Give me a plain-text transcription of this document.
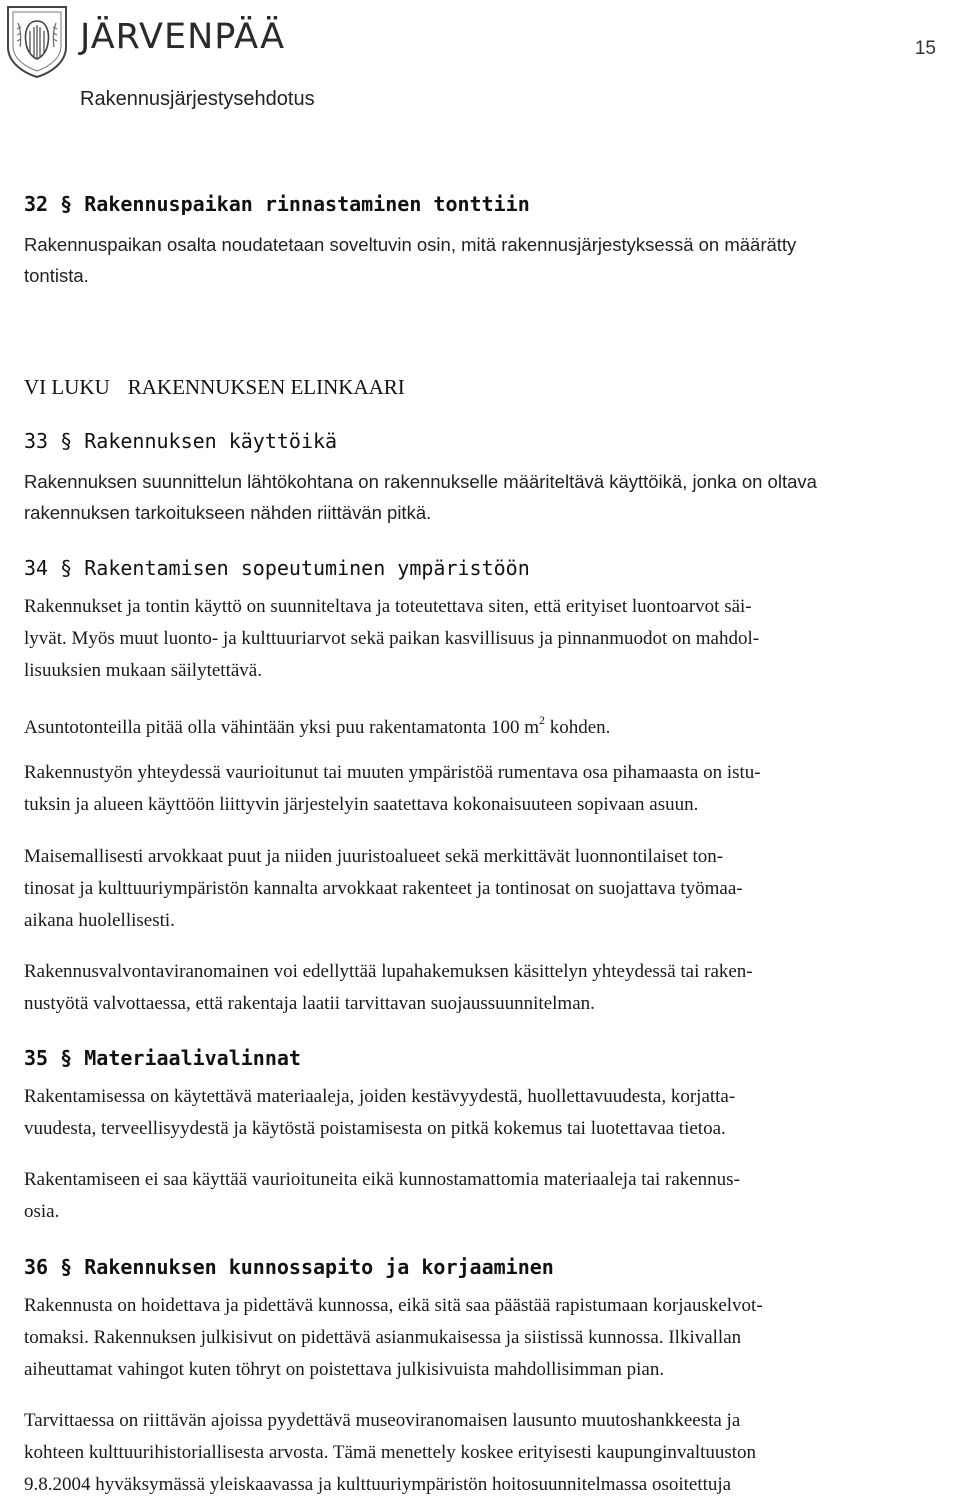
JÄRVENPÄÄ	15
Rakennusjärjestysehdotus
32 § Rakennuspaikan rinnastaminen tonttiin
Rakennuspaikan osalta noudatetaan soveltuvin osin, mitä rakennusjärjestyksessä on määrätty
tontista.
VI LUKU RAKENNUKSEN ELINKAARI
33 § Rakennuksen käyttöikä
Rakennuksen suunnittelun lähtökohtana on rakennukselle määriteltävä käyttöikä, jonka on oltava
rakennuksen tarkoitukseen nähden riittävän pitkä.
34 § Rakentamisen sopeutuminen ympäristöön
Rakennukset ja tontin käyttö on suunniteltava ja toteutettava siten, että erityiset luontoarvot säi-
lyvät. Myös muut luonto- ja kulttuuriarvot sekä paikan kasvillisuus ja pinnanmuodot on mahdol-
lisuuksien mukaan säilytettävä.
Asuntotonteilla pitää olla vähintään yksi puu rakentamatonta 100 $m^2$ kohden.
Rakennustyön yhteydessä vaurioitunut tai muuten ympäristöä rumentava osa pihamaasta on istu-
tuksin ja alueen käyttöön liittyvin järjestelyin saatettava kokonaisuuteen sopivaan asuun.
Maisemallisesti arvokkaat puut ja niiden juuristoalueet sekä merkittävät luonnontilaiset ton-
tinosat ja kulttuuriympäristön kannalta arvokkaat rakenteet ja tontinosat on suojattava työmaa-
aikana huolellisesti.
Rakennusvalvontaviranomainen voi edellyttää lupahakemuksen käsittelyn yhteydessä tai raken-
nustyötä valvottaessa, että rakentaja laatii tarvittavan suojaussuunnitelman.
35 § Materiaalivalinnat
Rakentamisessa on käytettävä materiaaleja, joiden kestävyydestä, huollettavuudesta, korjatta-
vuudesta, terveellisyydestä ja käytöstä poistamisesta on pitkä kokemus tai luotettavaa tietoa.
Rakentamiseen ei saa käyttää vaurioituneita eikä kunnostamattomia materiaaleja tai rakennus-
osia.
36 § Rakennuksen kunnossapito ja korjaaminen
Rakennusta on hoidettava ja pidettävä kunnossa, eikä sitä saa päästää rapistumaan korjauskelvot-
tomaksi. Rakennuksen julkisivut on pidettävä asianmukaisessa ja siistissä kunnossa. Ilkivallan
aiheuttamat vahingot kuten töhryt on poistettava julkisivuista mahdollisimman pian.
Tarvittaessa on riittävän ajoissa pyydettävä museoviranomaisen lausunto muutoshankkeesta ja
kohteen kulttuurihistoriallisesta arvosta. Tämä menettely koskee erityisesti kaupunginvaltuuston
9.8.2004 hyväksymässä yleiskaavassa ja kulttuuriympäristön hoitosuunnitelmassa osoitettuja
